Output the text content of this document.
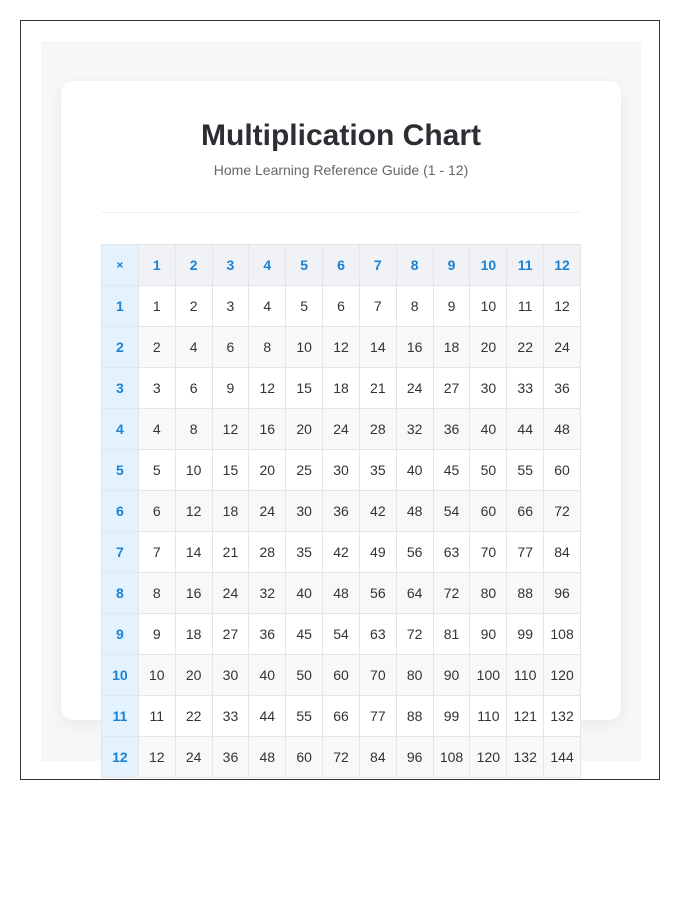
Multiplication Chart

Home Learning Reference Guide (1 - 12)

×	1	2	3	4	5	6	7	8	9	10	11	12
1	1	2	3	4	5	6	7	8	9	10	11	12
2	2	4	6	8	10	12	14	16	18	20	22	24
3	3	6	9	12	15	18	21	24	27	30	33	36
4	4	8	12	16	20	24	28	32	36	40	44	48
5	5	10	15	20	25	30	35	40	45	50	55	60
6	6	12	18	24	30	36	42	48	54	60	66	72
7	7	14	21	28	35	42	49	56	63	70	77	84
8	8	16	24	32	40	48	56	64	72	80	88	96
9	9	18	27	36	45	54	63	72	81	90	99	108
10	10	20	30	40	50	60	70	80	90	100	110	120
11	11	22	33	44	55	66	77	88	99	110	121	132
12	12	24	36	48	60	72	84	96	108	120	132	144
